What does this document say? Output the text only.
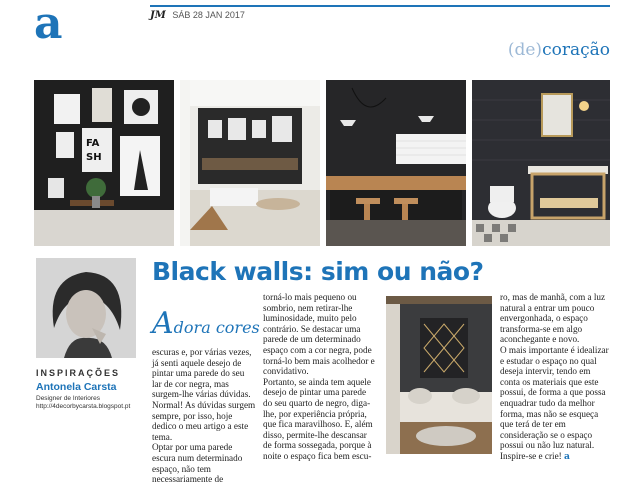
a	JM SÁB 28 JAN 2017
(de)coração
FA
SH
Black walls: sim ou não?
INSPIRAÇÕES
Antonela Carsta
Designer de Interiores
http://4decorbycarsta.blogspot.pt
Adora cores

escuras e, por várias vezes, já senti aquele desejo de pintar uma parede do seu lar de cor negra, mas surgem-lhe várias dúvidas.

Normal! As dúvidas surgem sempre, por isso, hoje dedico o meu artigo a este tema.

Optar por uma parede escura num determinado espaço, não tem necessariamente de

torná-lo mais pequeno ou sombrio, nem retirar-lhe luminosidade, muito pelo contrário. Se destacar uma parede de um determinado espaço com a cor negra, pode torná-lo bem mais acolhedor e convidativo.

Portanto, se ainda tem aquele desejo de pintar uma parede do seu quarto de negro, diga-lhe, por experiência própria, que fica maravilhoso. E, além disso, permite-lhe descansar de forma sossegada, porque à noite o espaço fica bem escu-

ro, mas de manhã, com a luz natural a entrar um pouco envergonhada, o espaço transforma-se em algo aconchegante e novo.

O mais importante é idealizar e estudar o espaço no qual deseja intervir, tendo em conta os materiais que este possui, de forma a que possa enquadrar tudo da melhor forma, mas não se esqueça que terá de ter em consideração se o espaço possui ou não luz natural. Inspire-se e crie! a
